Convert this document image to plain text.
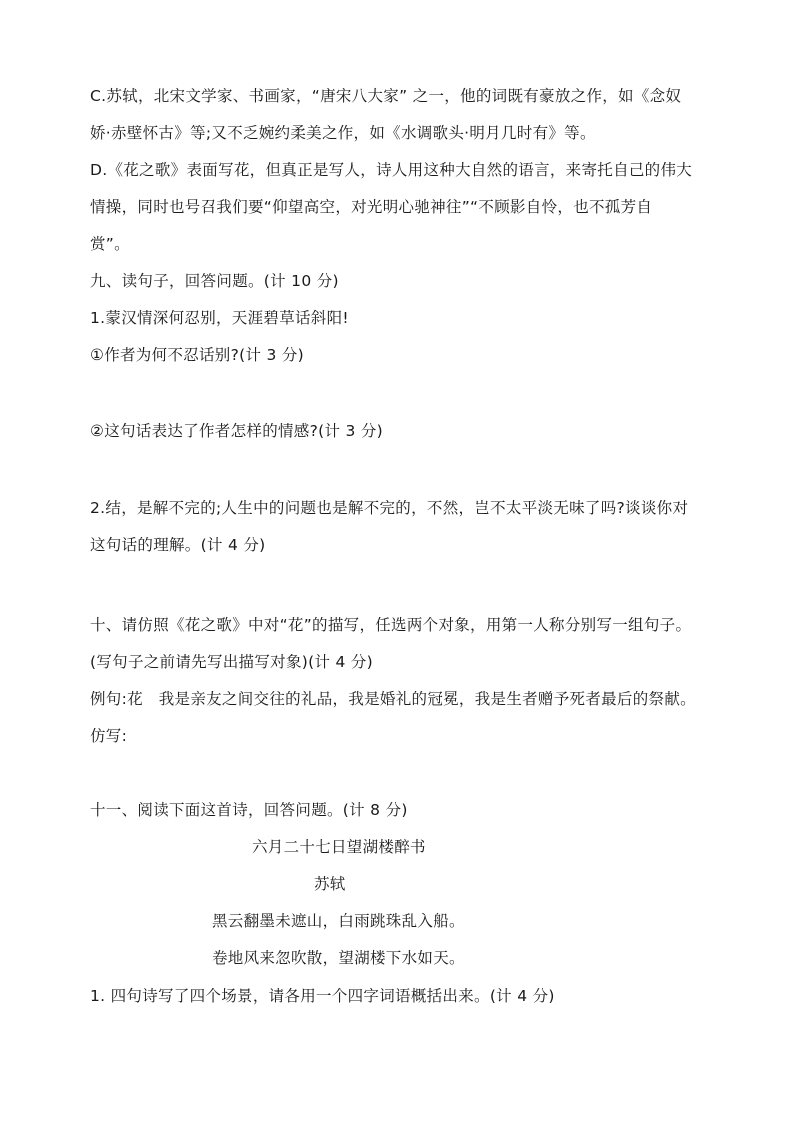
C.苏轼，北宋文学家、书画家，“唐宋八大家” 之一，他的词既有豪放之作，如《念奴
娇·赤壁怀古》等;又不乏婉约柔美之作，如《水调歌头·明月几时有》等。
D.《花之歌》表面写花，但真正是写人，诗人用这种大自然的语言，来寄托自己的伟大
情操，同时也号召我们要“仰望高空，对光明心驰神往”“不顾影自怜，也不孤芳自
赏”。
九、读句子，回答问题。(计 10 分)
1.蒙汉情深何忍别，天涯碧草话斜阳!
①作者为何不忍话别?(计 3 分)
②这句话表达了作者怎样的情感?(计 3 分)
2.结，是解不完的;人生中的问题也是解不完的，不然，岂不太平淡无味了吗?谈谈你对
这句话的理解。(计 4 分)
十、请仿照《花之歌》中对“花”的描写，任选两个对象，用第一人称分别写一组句子。
(写句子之前请先写出描写对象)(计 4 分)
例句:花　我是亲友之间交往的礼品，我是婚礼的冠冕，我是生者赠予死者最后的祭献。
仿写:
十一、阅读下面这首诗，回答问题。(计 8 分)
六月二十七日望湖楼醉书
苏轼
黑云翻墨未遮山，白雨跳珠乱入船。
卷地风来忽吹散，望湖楼下水如天。
1. 四句诗写了四个场景，请各用一个四字词语概括出来。(计 4 分)
